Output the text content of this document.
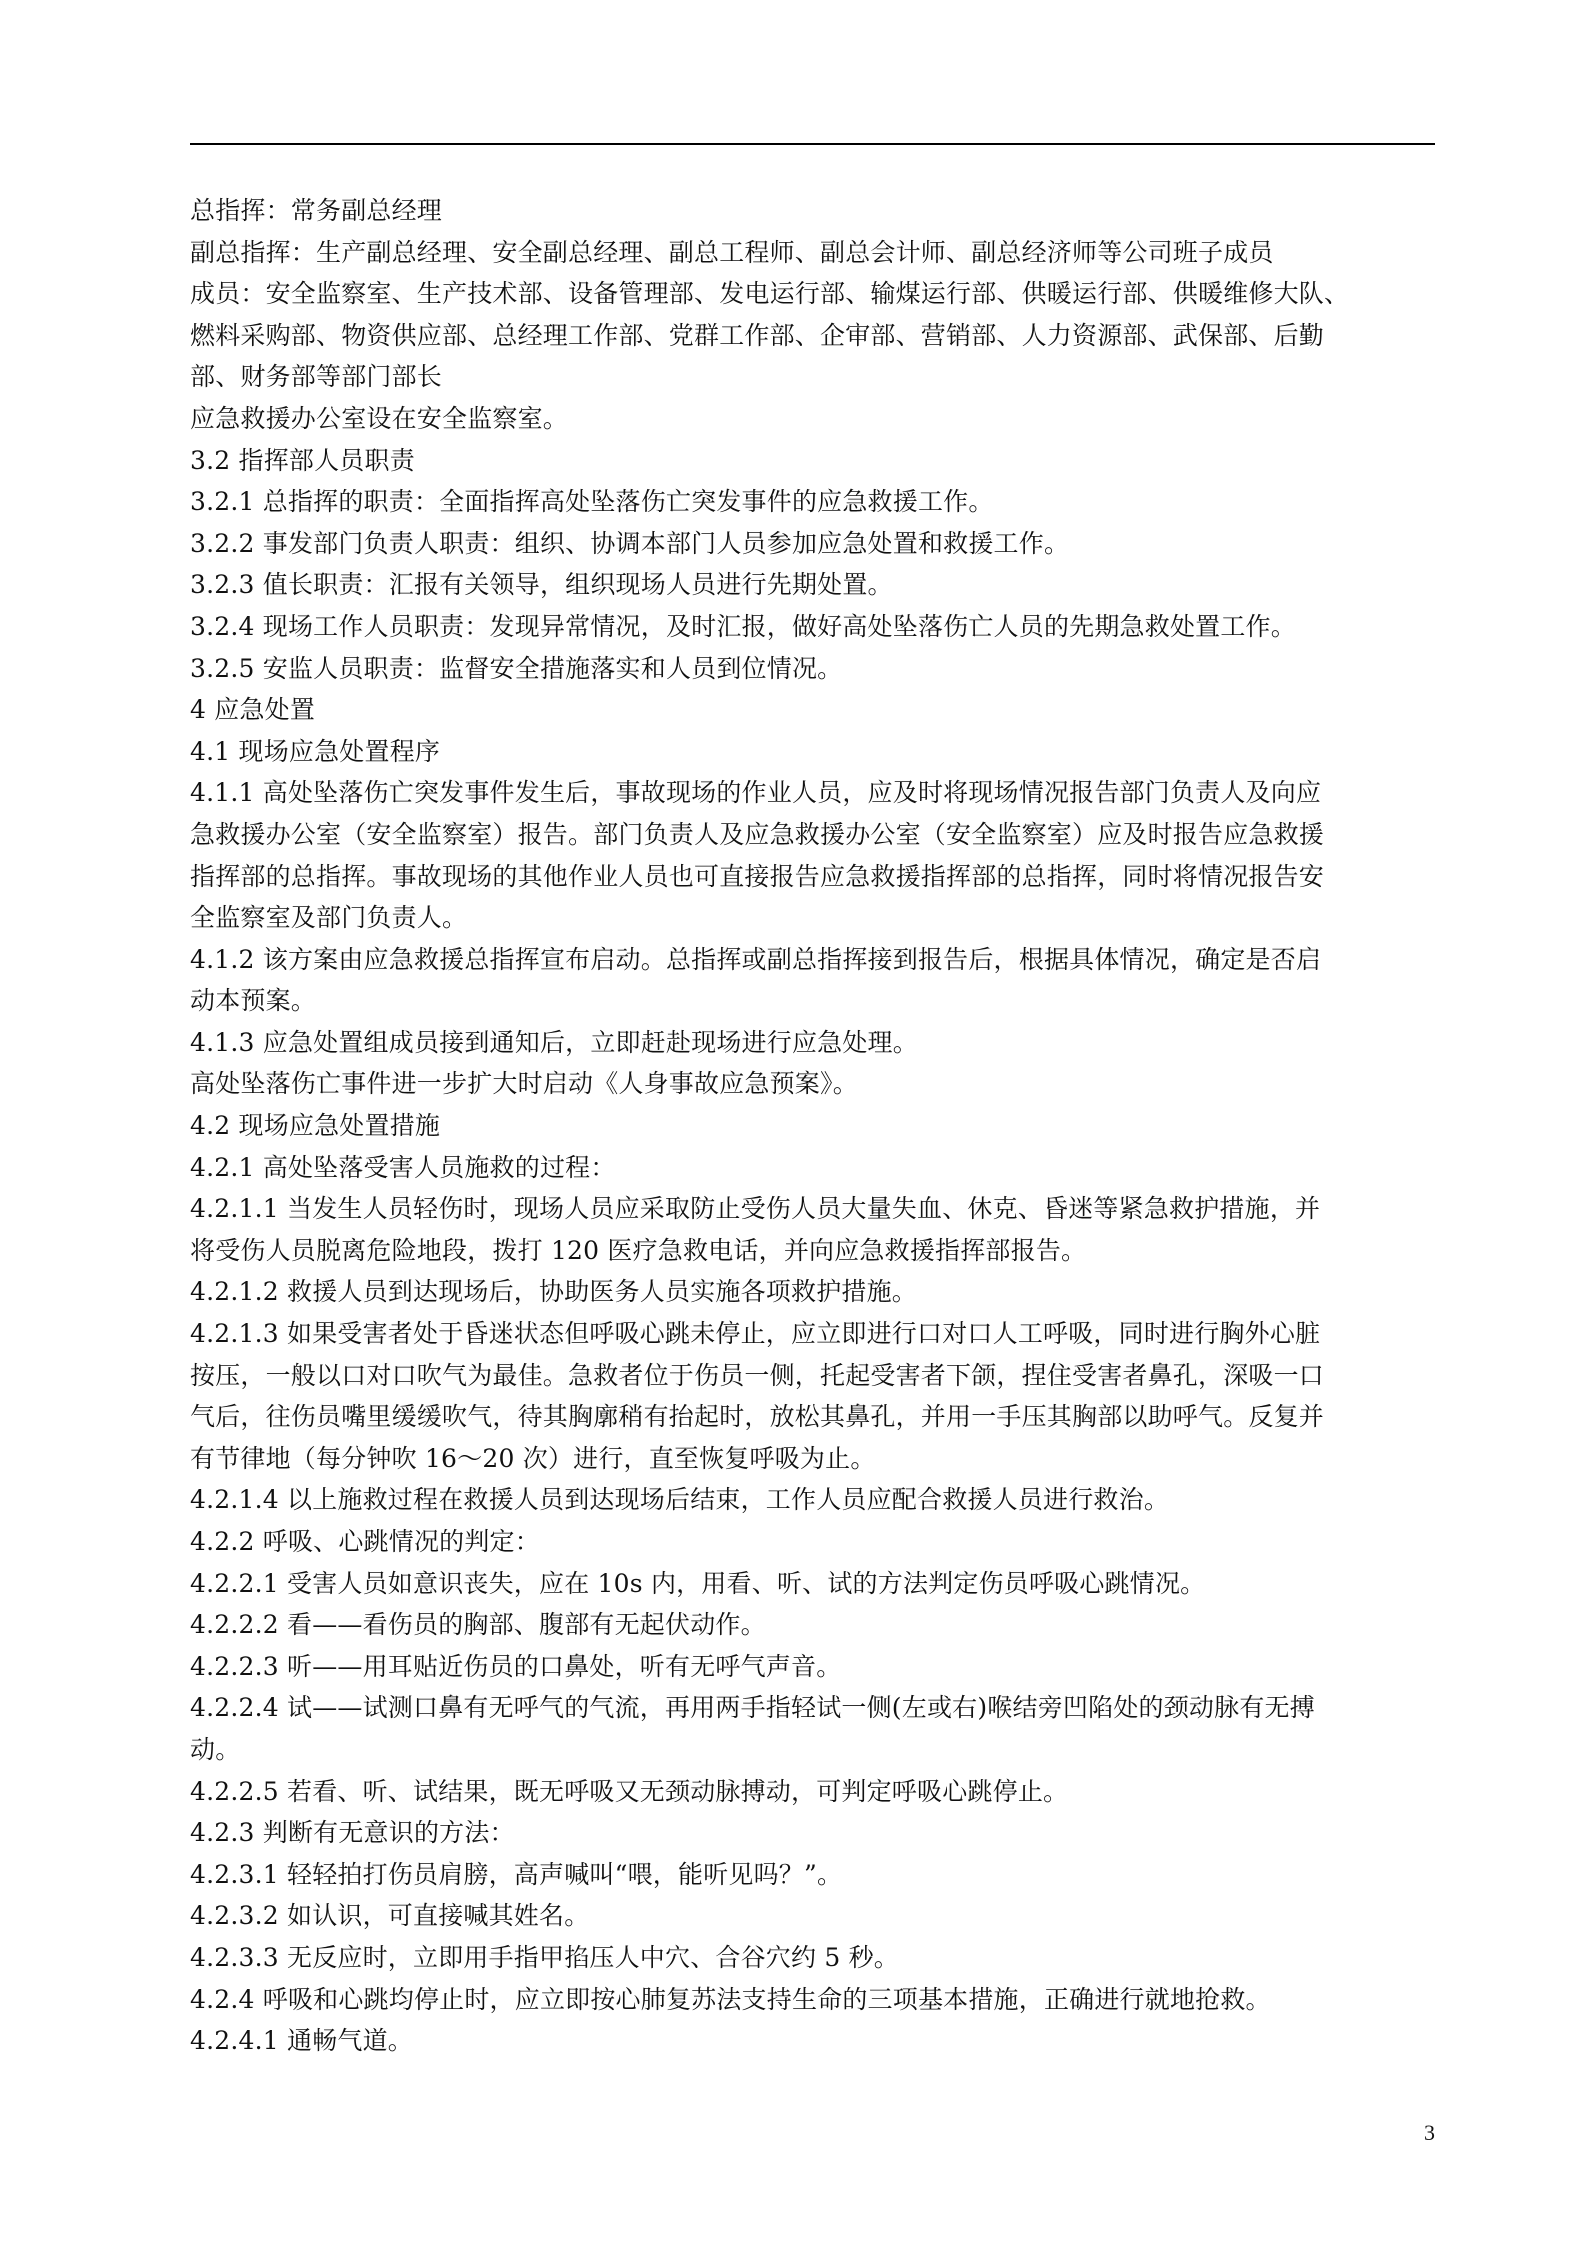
总指挥：常务副总经理
副总指挥：生产副总经理、安全副总经理、副总工程师、副总会计师、副总经济师等公司班子成员
成员：安全监察室、生产技术部、设备管理部、发电运行部、输煤运行部、供暖运行部、供暖维修大队、
燃料采购部、物资供应部、总经理工作部、党群工作部、企审部、营销部、人力资源部、武保部、后勤
部、财务部等部门部长
应急救援办公室设在安全监察室。
3.2 指挥部人员职责
3.2.1 总指挥的职责：全面指挥高处坠落伤亡突发事件的应急救援工作。
3.2.2 事发部门负责人职责：组织、协调本部门人员参加应急处置和救援工作。
3.2.3 值长职责：汇报有关领导，组织现场人员进行先期处置。
3.2.4 现场工作人员职责：发现异常情况，及时汇报，做好高处坠落伤亡人员的先期急救处置工作。
3.2.5 安监人员职责：监督安全措施落实和人员到位情况。
4 应急处置
4.1 现场应急处置程序
4.1.1 高处坠落伤亡突发事件发生后，事故现场的作业人员，应及时将现场情况报告部门负责人及向应
急救援办公室（安全监察室）报告。部门负责人及应急救援办公室（安全监察室）应及时报告应急救援
指挥部的总指挥。事故现场的其他作业人员也可直接报告应急救援指挥部的总指挥，同时将情况报告安
全监察室及部门负责人。
4.1.2 该方案由应急救援总指挥宣布启动。总指挥或副总指挥接到报告后，根据具体情况，确定是否启
动本预案。
4.1.3 应急处置组成员接到通知后，立即赶赴现场进行应急处理。
高处坠落伤亡事件进一步扩大时启动《人身事故应急预案》。
4.2 现场应急处置措施
4.2.1 高处坠落受害人员施救的过程：
4.2.1.1 当发生人员轻伤时，现场人员应采取防止受伤人员大量失血、休克、昏迷等紧急救护措施，并
将受伤人员脱离危险地段，拨打 120 医疗急救电话，并向应急救援指挥部报告。
4.2.1.2 救援人员到达现场后，协助医务人员实施各项救护措施。
4.2.1.3 如果受害者处于昏迷状态但呼吸心跳未停止，应立即进行口对口人工呼吸，同时进行胸外心脏
按压，一般以口对口吹气为最佳。急救者位于伤员一侧，托起受害者下颌，捏住受害者鼻孔，深吸一口
气后，往伤员嘴里缓缓吹气，待其胸廓稍有抬起时，放松其鼻孔，并用一手压其胸部以助呼气。反复并
有节律地（每分钟吹 16～20 次）进行，直至恢复呼吸为止。
4.2.1.4 以上施救过程在救援人员到达现场后结束，工作人员应配合救援人员进行救治。
4.2.2 呼吸、心跳情况的判定：
4.2.2.1 受害人员如意识丧失，应在 10s 内，用看、听、试的方法判定伤员呼吸心跳情况。
4.2.2.2 看——看伤员的胸部、腹部有无起伏动作。
4.2.2.3 听——用耳贴近伤员的口鼻处，听有无呼气声音。
4.2.2.4 试——试测口鼻有无呼气的气流，再用两手指轻试一侧(左或右)喉结旁凹陷处的颈动脉有无搏
动。
4.2.2.5 若看、听、试结果，既无呼吸又无颈动脉搏动，可判定呼吸心跳停止。
4.2.3 判断有无意识的方法：
4.2.3.1 轻轻拍打伤员肩膀，高声喊叫“喂，能听见吗？”。
4.2.3.2 如认识，可直接喊其姓名。
4.2.3.3 无反应时，立即用手指甲掐压人中穴、合谷穴约 5 秒。
4.2.4 呼吸和心跳均停止时，应立即按心肺复苏法支持生命的三项基本措施，正确进行就地抢救。
4.2.4.1 通畅气道。
3
